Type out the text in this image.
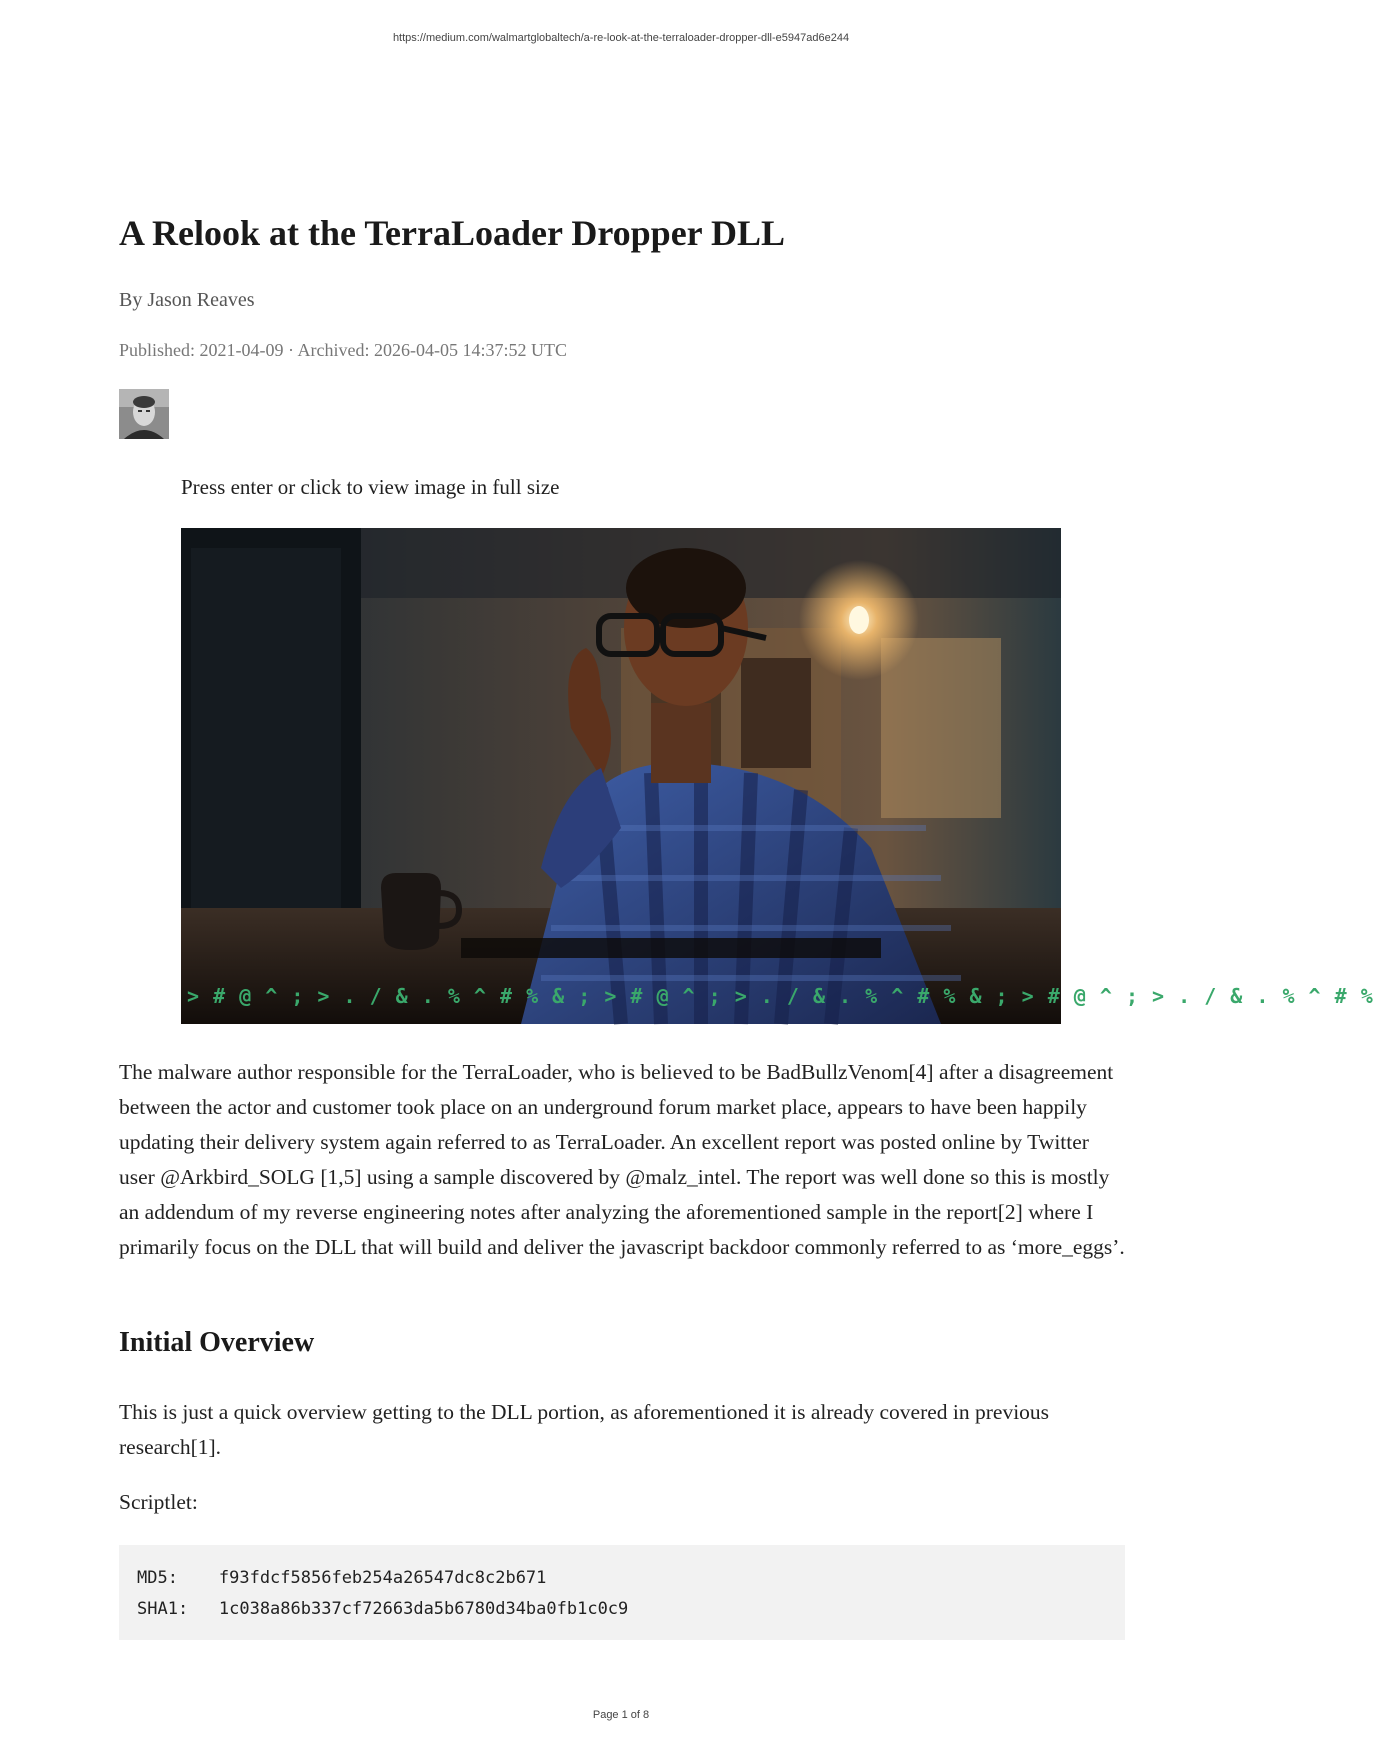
https://medium.com/walmartglobaltech/a-re-look-at-the-terraloader-dropper-dll-e5947ad6e244
A Relook at the TerraLoader Dropper DLL
By Jason Reaves
Published: 2021-04-09 · Archived: 2026-04-05 14:37:52 UTC
Press enter or click to view image in full size
> # @ ^ ; > . / & . % ^ # % & ; > # @ ^ ; > . / & . % ^ # % & ; > # @ ^ ; > . / & . % ^ # %

The malware author responsible for the TerraLoader, who is believed to be BadBullzVenom[4] after a disagreement between the actor and customer took place on an underground forum market place, appears to have been happily updating their delivery system again referred to as TerraLoader. An excellent report was posted online by Twitter user @Arkbird_SOLG [1,5] using a sample discovered by @malz_intel. The report was well done so this is mostly an addendum of my reverse engineering notes after analyzing the aforementioned sample in the report[2] where I primarily focus on the DLL that will build and deliver the javascript backdoor commonly referred to as ‘more_eggs’.

Initial Overview

This is just a quick overview getting to the DLL portion, as aforementioned it is already covered in previous research[1].

Scriptlet:

MD5:    f93fdcf5856feb254a26547dc8c2b671
SHA1:   1c038a86b337cf72663da5b6780d34ba0fb1c0c9
Page 1 of 8
